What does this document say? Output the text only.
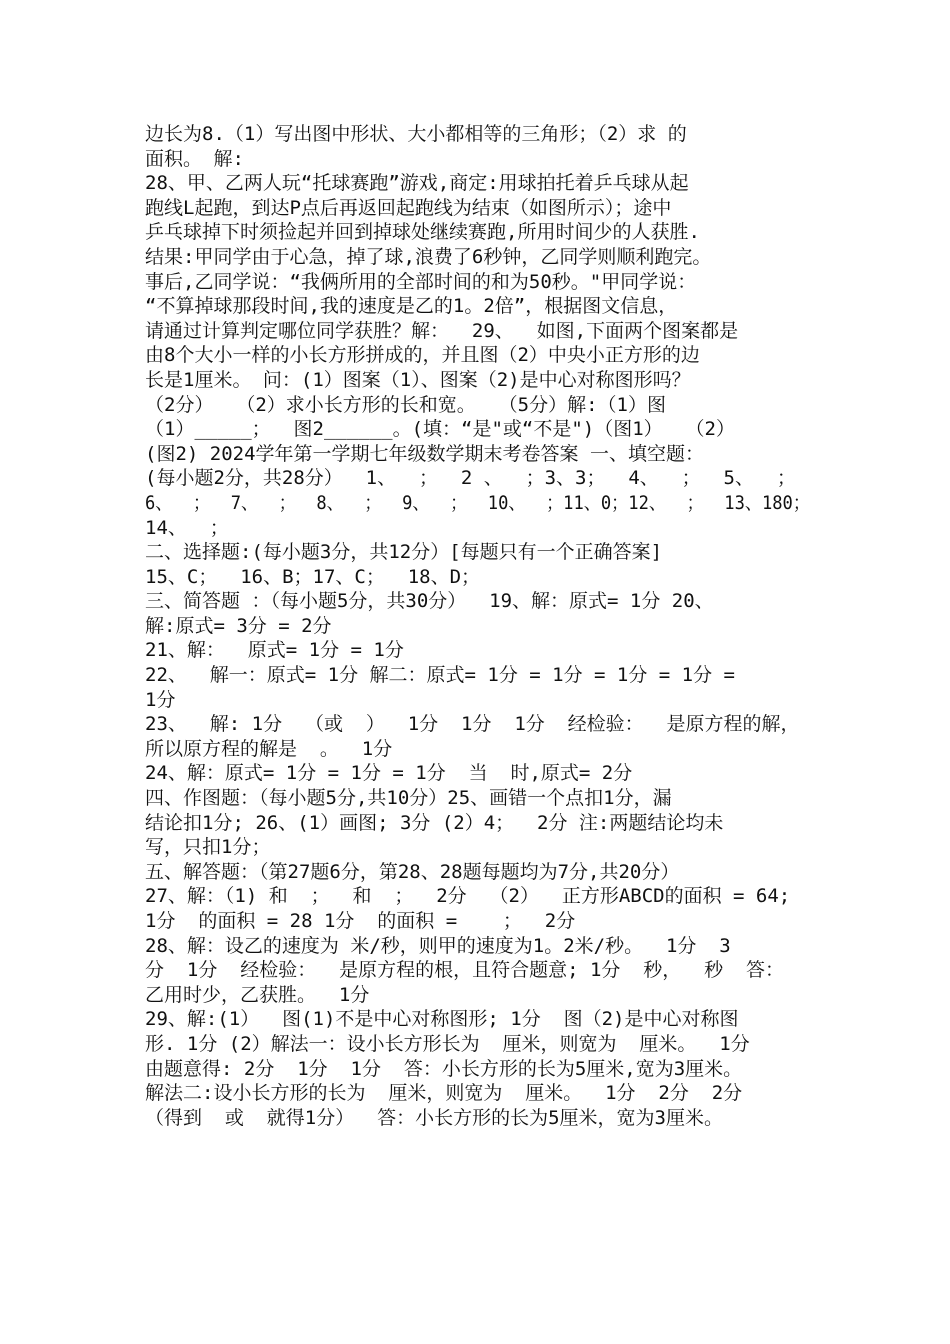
边长为8.（1）写出图中形状、大小都相等的三角形；（2）求 的
面积。 解:
28、甲、乙两人玩“托球赛跑”游戏,商定:用球拍托着乒乓球从起
跑线L起跑，到达P点后再返回起跑线为结束（如图所示）；途中
乒乓球掉下时须捡起并回到掉球处继续赛跑,所用时间少的人获胜.
结果:甲同学由于心急，掉了球,浪费了6秒钟，乙同学则顺利跑完。
事后,乙同学说：“我俩所用的全部时间的和为50秒。"甲同学说：
“不算掉球那段时间,我的速度是乙的1。2倍”，根据图文信息，
请通过计算判定哪位同学获胜？解：  29、  如图,下面两个图案都是
由8个大小一样的小长方形拼成的，并且图（2）中央小正方形的边
长是1厘米。 问：(1）图案（1）、图案（2)是中心对称图形吗？
（2分）  （2）求小长方形的长和宽。  （5分）解:（1）图
（1）_____；  图2______。(填：“是"或“不是")（图1）  （2）
(图2) 2024学年第一学期七年级数学期末考卷答案 一、填空题：
(每小题2分，共28分）  1、  ；  2 、  ；3、3；  4、  ；  5、  ；
6、  ；  7、  ；  8、  ；  9、  ；  10、  ；11、0；12、  ；  13、180；
14、  ；
二、选择题:(每小题3分，共12分）[每题只有一个正确答案]
15、C；  16、B；17、C；  18、D；
三、简答题 ：（每小题5分，共30分）  19、解：原式= 1分 20、
解:原式= 3分 = 2分
21、解：  原式= 1分 = 1分
22、  解一：原式= 1分 解二：原式= 1分 = 1分 = 1分 = 1分 =
1分
23、  解: 1分  （或  ）  1分  1分  1分  经检验：  是原方程的解，
所以原方程的解是  。  1分
24、解：原式= 1分 = 1分 = 1分  当  时,原式= 2分
四、作图题：（每小题5分,共10分）25、画错一个点扣1分，漏
结论扣1分; 26、(1）画图; 3分 (2）4；  2分 注:两题结论均未
写，只扣1分；
五、解答题：（第27题6分，第28、28题每题均为7分,共20分）
27、解：（1) 和  ；  和  ；  2分  （2）  正方形ABCD的面积 = 64;
1分  的面积 = 28 1分  的面积 =    ；  2分
28、解：设乙的速度为 米/秒，则甲的速度为1。2米/秒。  1分  3
分  1分  经检验：  是原方程的根，且符合题意; 1分  秒，  秒  答：
乙用时少，乙获胜。  1分
29、解:(1）  图(1)不是中心对称图形; 1分  图（2)是中心对称图
形. 1分 (2）解法一：设小长方形长为  厘米，则宽为  厘米。  1分
由题意得: 2分  1分  1分  答：小长方形的长为5厘米,宽为3厘米。
解法二:设小长方形的长为  厘米，则宽为  厘米。  1分  2分  2分
（得到  或  就得1分）  答：小长方形的长为5厘米，宽为3厘米。
